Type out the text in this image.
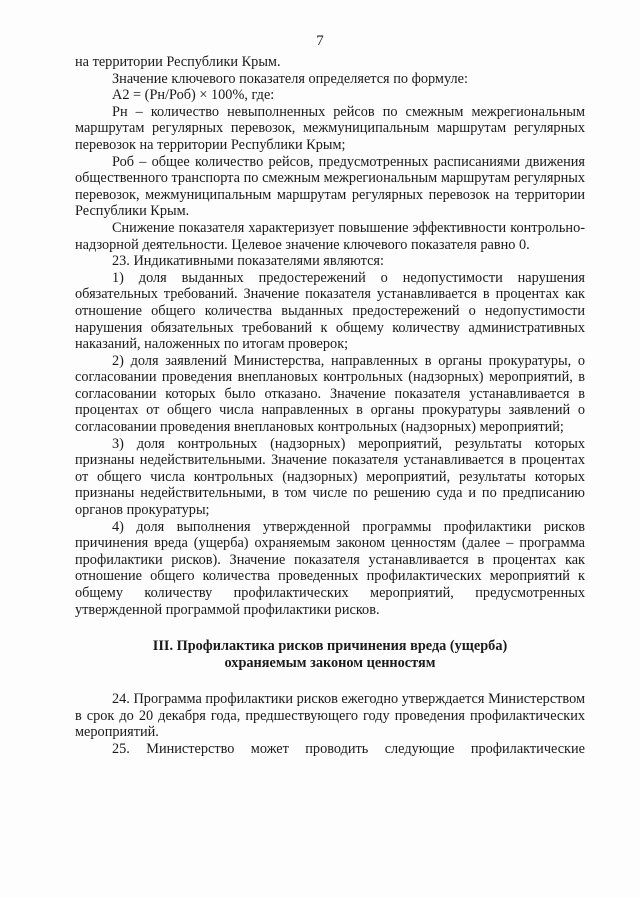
7

на территории Республики Крым.

Значение ключевого показателя определяется по формуле:

А2 = (Рн/Роб) × 100%, где:

Рн – количество невыполненных рейсов по смежным межрегиональным маршрутам регулярных перевозок, межмуниципальным маршрутам регулярных перевозок на территории Республики Крым;

Роб – общее количество рейсов, предусмотренных расписаниями движения общественного транспорта по смежным межрегиональным маршрутам регулярных перевозок, межмуниципальным маршрутам регулярных перевозок на территории Республики Крым.

Снижение показателя характеризует повышение эффективности контрольно-надзорной деятельности. Целевое значение ключевого показателя равно 0.

23. Индикативными показателями являются:

1) доля выданных предостережений о недопустимости нарушения обязательных требований. Значение показателя устанавливается в процентах как отношение общего количества выданных предостережений о недопустимости нарушения обязательных требований к общему количеству административных наказаний, наложенных по итогам проверок;

2) доля заявлений Министерства, направленных в органы прокуратуры, о согласовании проведения внеплановых контрольных (надзорных) мероприятий, в согласовании которых было отказано. Значение показателя устанавливается в процентах от общего числа направленных в органы прокуратуры заявлений о согласовании проведения внеплановых контрольных (надзорных) мероприятий;

3) доля контрольных (надзорных) мероприятий, результаты которых признаны недействительными. Значение показателя устанавливается в процентах от общего числа контрольных (надзорных) мероприятий, результаты которых признаны недействительными, в том числе по решению суда и по предписанию органов прокуратуры;

4) доля выполнения утвержденной программы профилактики рисков причинения вреда (ущерба) охраняемым законом ценностям (далее – программа профилактики рисков). Значение показателя устанавливается в процентах как отношение общего количества проведенных профилактических мероприятий к общему количеству профилактических мероприятий, предусмотренных утвержденной программой профилактики рисков.

III. Профилактика рисков причинения вреда (ущерба)
охраняемым законом ценностям

24. Программа профилактики рисков ежегодно утверждается Министерством в срок до 20 декабря года, предшествующего году проведения профилактических мероприятий.

25. Министерство может проводить следующие профилактические
